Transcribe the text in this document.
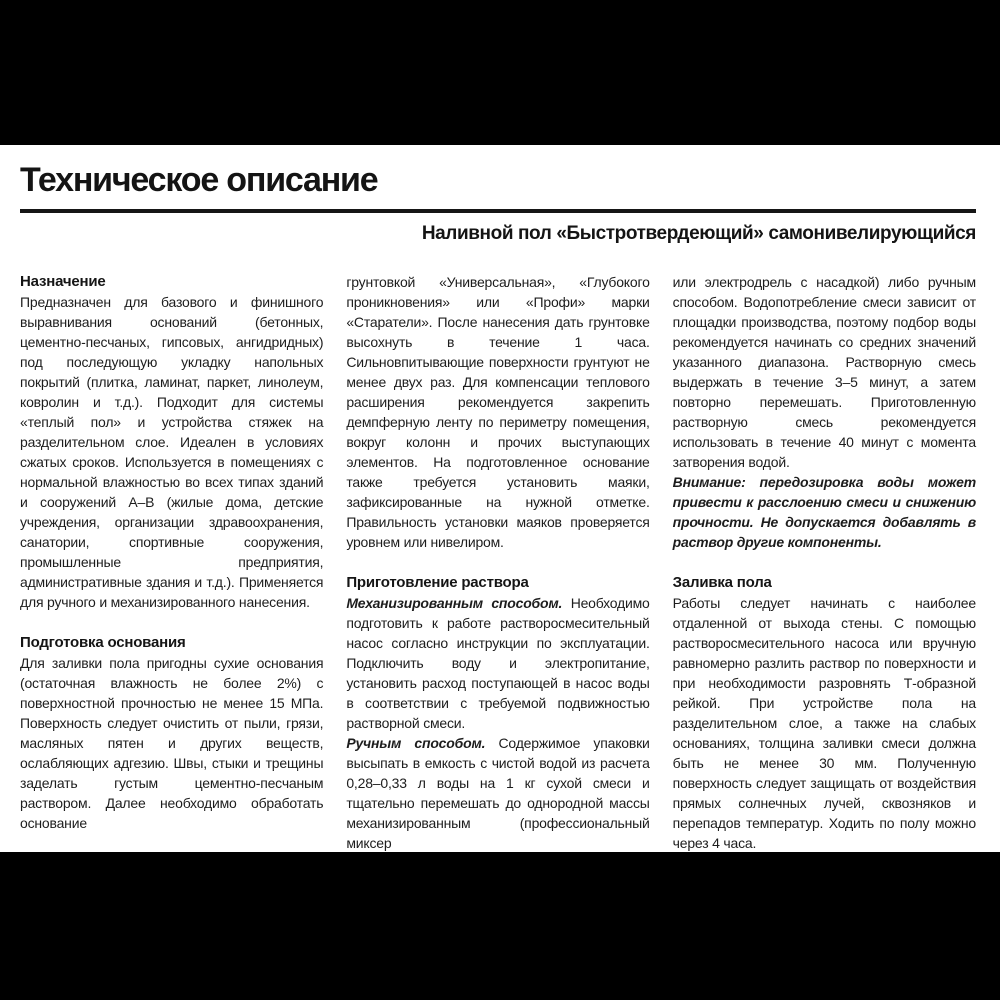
Техническое описание
Наливной пол «Быстротвердеющий» самонивелирующийся
Назначение

Предназначен для базового и финишного выравнивания оснований (бетонных, цементно-песчаных, гипсовых, ангидридных) под последующую укладку напольных покрытий (плитка, ламинат, паркет, линолеум, ковролин и т.д.). Подходит для системы «теплый пол» и устройства стяжек на разделительном слое. Идеален в условиях сжатых сроков. Используется в помещениях с нормальной влажностью во всех типах зданий и сооружений А–В (жилые дома, детские учреждения, организации здравоохранения, санатории, спортивные сооружения, промышленные предприятия, административные здания и т.д.). Применяется для ручного и механизированного нанесения.

Подготовка основания

Для заливки пола пригодны сухие основания (остаточная влажность не более 2%) с поверхностной прочностью не менее 15 МПа. Поверхность следует очистить от пыли, грязи, масляных пятен и других веществ, ослабляющих адгезию. Швы, стыки и трещины заделать густым цементно-песчаным раствором. Далее необходимо обработать основание

грунтовкой «Универсальная», «Глубокого проникновения» или «Профи» марки «Старатели». После нанесения дать грунтовке высохнуть в течение 1 часа. Сильновпитывающие поверхности грунтуют не менее двух раз. Для компенсации теплового расширения рекомендуется закрепить демпферную ленту по периметру помещения, вокруг колонн и прочих выступающих элементов. На подготовленное основание также требуется установить маяки, зафиксированные на нужной отметке. Правильность установки маяков проверяется уровнем или нивелиром.

Приготовление раствора

Механизированным способом. Необходимо подготовить к работе растворосмесительный насос согласно инструкции по эксплуатации. Подключить воду и электропитание, установить расход поступающей в насос воды в соответствии с требуемой подвижностью растворной смеси.

Ручным способом. Содержимое упаковки высыпать в емкость с чистой водой из расчета 0,28–0,33 л воды на 1 кг сухой смеси и тщательно перемешать до однородной массы механизированным (профессиональный миксер

или электродрель с насадкой) либо ручным способом. Водопотребление смеси зависит от площадки производства, поэтому подбор воды рекомендуется начинать со средних значений указанного диапазона. Растворную смесь выдержать в течение 3–5 минут, а затем повторно перемешать. Приготовленную растворную смесь рекомендуется использовать в течение 40 минут с момента затворения водой.

Внимание: передозировка воды может привести к расслоению смеси и снижению прочности. Не допускается добавлять в раствор другие компоненты.

Заливка пола

Работы следует начинать с наиболее отдаленной от выхода стены. С помощью растворосмесительного насоса или вручную равномерно разлить раствор по поверхности и при необходимости разровнять Т-образной рейкой. При устройстве пола на разделительном слое, а также на слабых основаниях, толщина заливки смеси должна быть не менее 30 мм. Полученную поверхность следует защищать от воздействия прямых солнечных лучей, сквозняков и перепадов температур. Ходить по полу можно через 4 часа.
